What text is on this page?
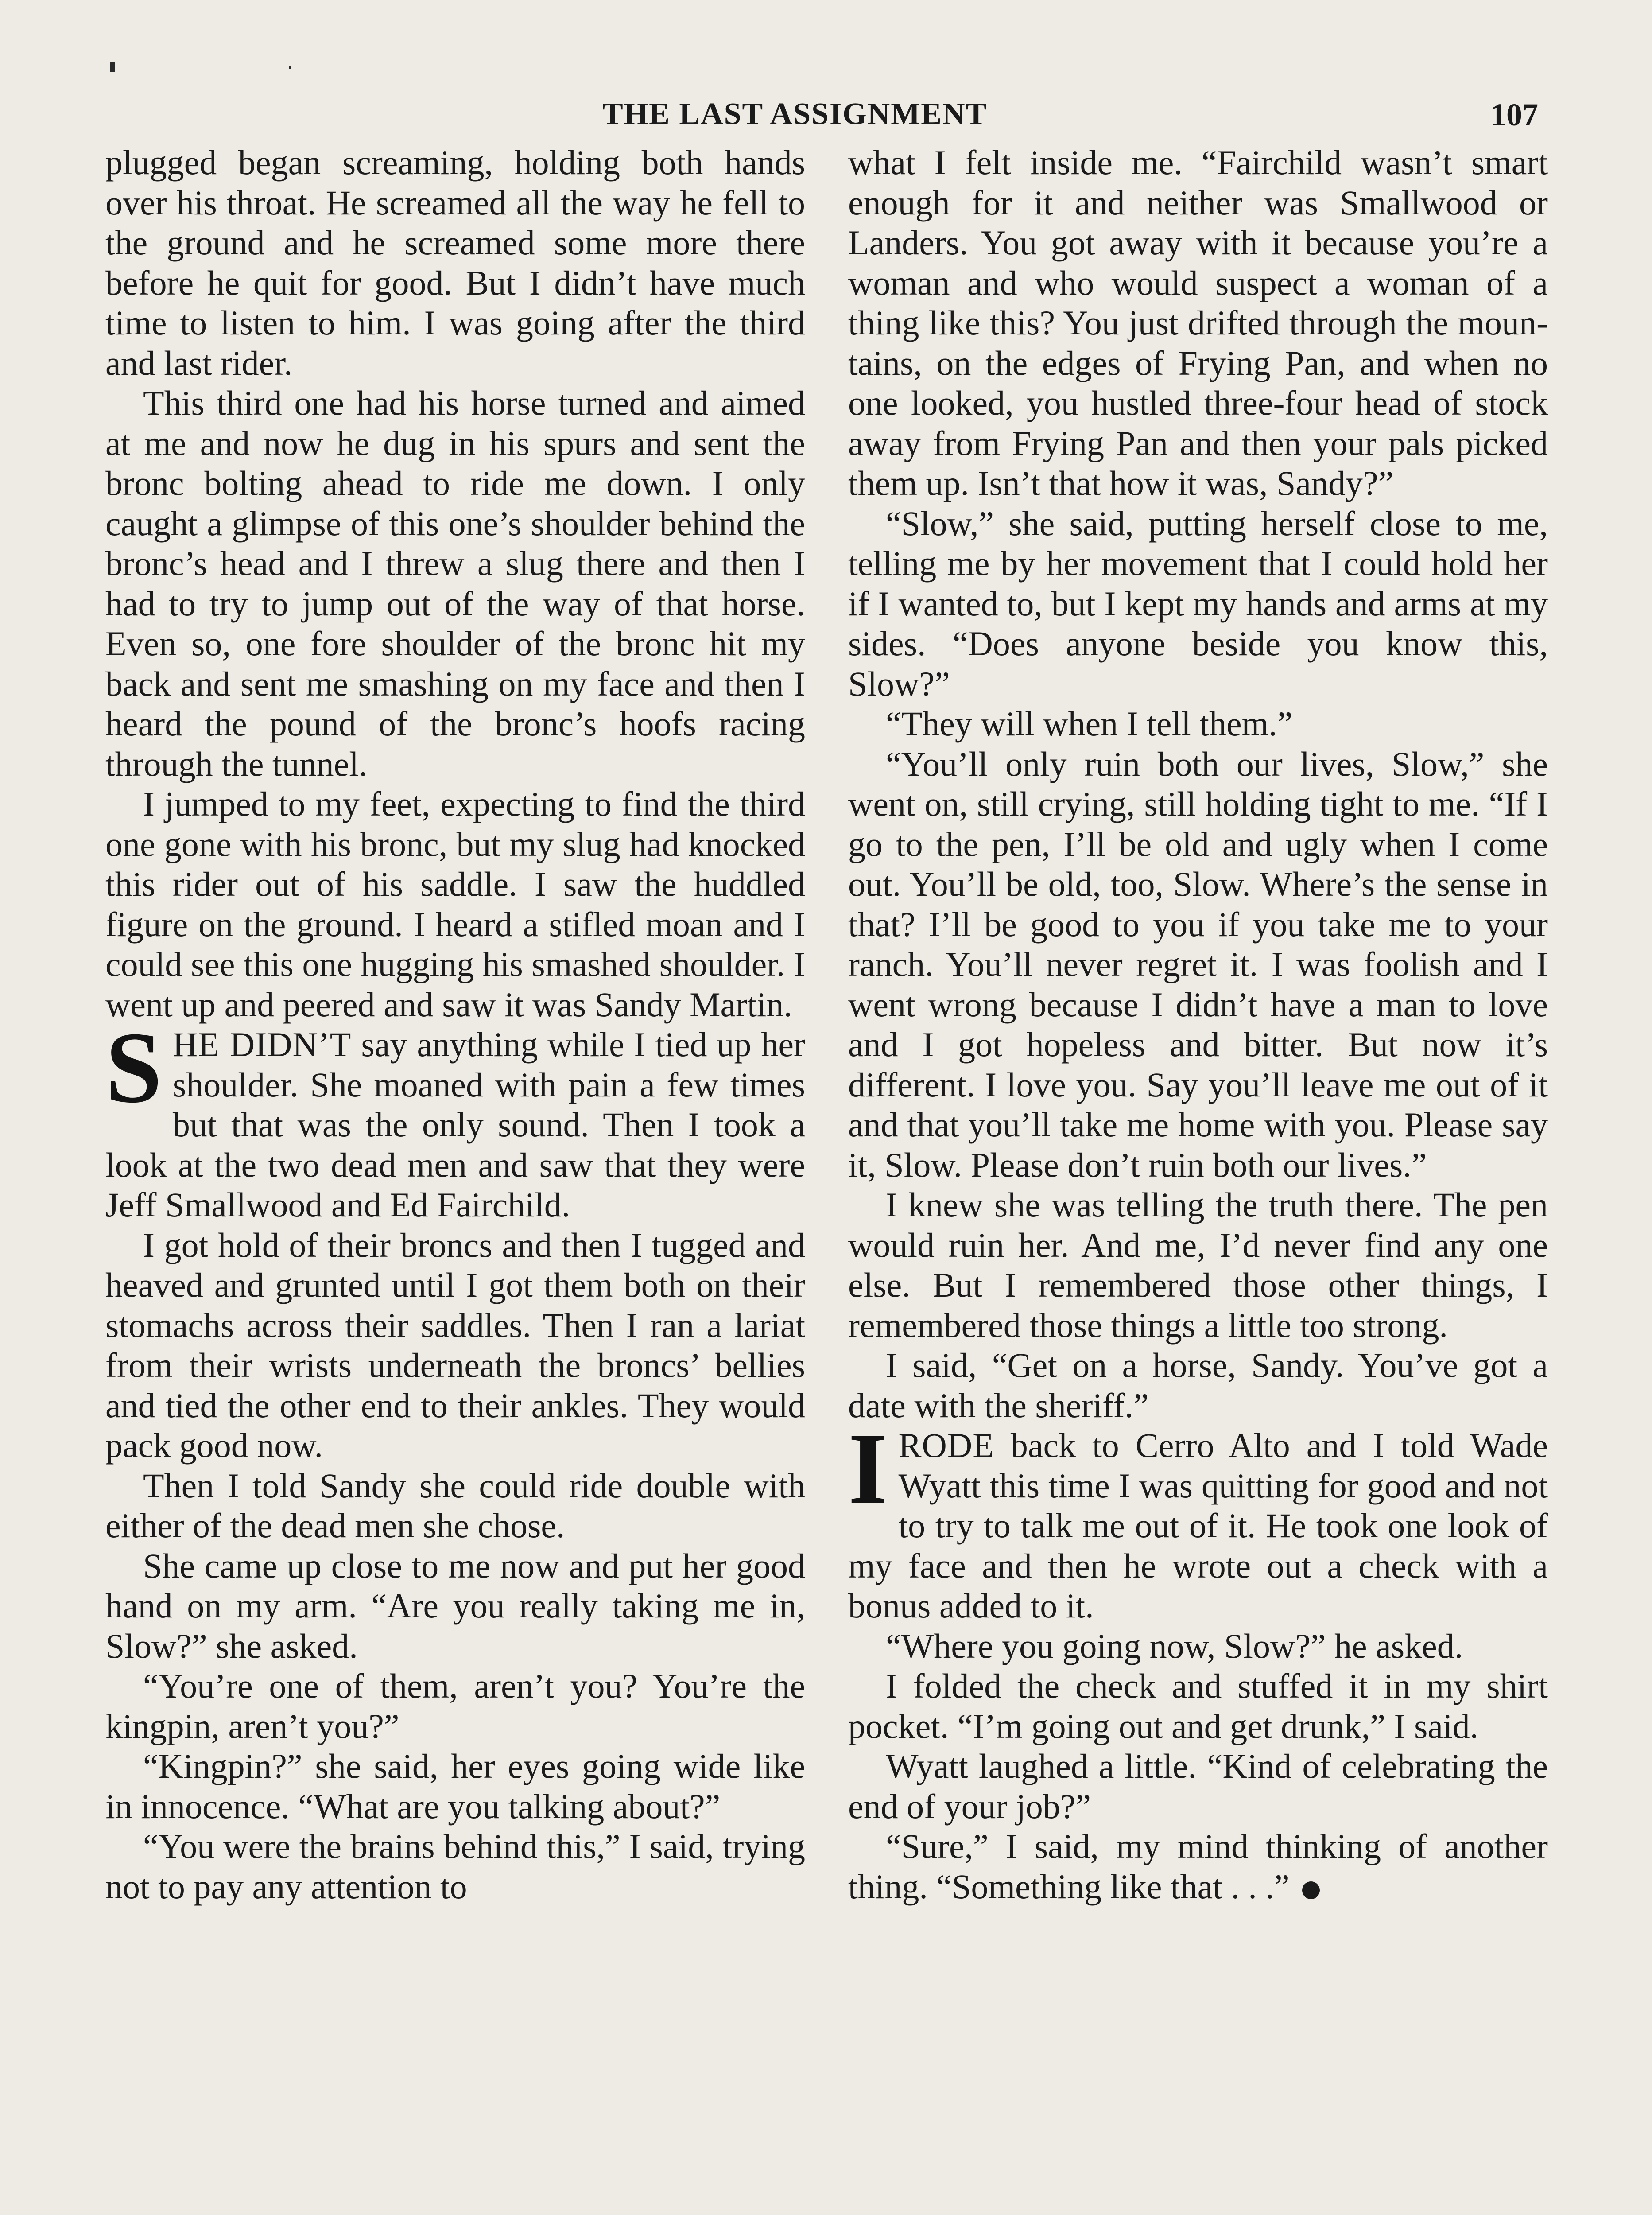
THE LAST ASSIGNMENT	107

plugged began screaming, holding both hands over his throat. He screamed all the way he fell to the ground and he screamed some more there before he quit for good. But I didn’t have much time to listen to him. I was going after the third and last rider.

This third one had his horse turned and aimed at me and now he dug in his spurs and sent the bronc bolting ahead to ride me down. I only caught a glimpse of this one’s shoulder behind the bronc’s head and I threw a slug there and then I had to try to jump out of the way of that horse. Even so, one fore shoulder of the bronc hit my back and sent me smashing on my face and then I heard the pound of the bronc’s hoofs racing through the tunnel.

I jumped to my feet, expecting to find the third one gone with his bronc, but my slug had knocked this rider out of his saddle. I saw the huddled figure on the ground. I heard a stifled moan and I could see this one hugging his smashed shoulder. I went up and peered and saw it was Sandy Martin.

SHE DIDN’T say anything while I tied up her shoulder. She moaned with pain a few times but that was the only sound. Then I took a look at the two dead men and saw that they were Jeff Smallwood and Ed Fairchild.

I got hold of their broncs and then I tugged and heaved and grunted until I got them both on their stomachs across their saddles. Then I ran a lariat from their wrists underneath the broncs’ bellies and tied the other end to their ankles. They would pack good now.

Then I told Sandy she could ride double with either of the dead men she chose.

She came up close to me now and put her good hand on my arm. “Are you really taking me in, Slow?” she asked.

“You’re one of them, aren’t you? You’re the kingpin, aren’t you?”

“Kingpin?” she said, her eyes going wide like in innocence. “What are you talking about?”

“You were the brains behind this,” I said, trying not to pay any attention to

what I felt inside me. “Fairchild wasn’t smart enough for it and neither was Smallwood or Landers. You got away with it because you’re a woman and who would suspect a woman of a thing like this? You just drifted through the mountains, on the edges of Frying Pan, and when no one looked, you hustled three-four head of stock away from Frying Pan and then your pals picked them up. Isn’t that how it was, Sandy?”

“Slow,” she said, putting herself close to me, telling me by her movement that I could hold her if I wanted to, but I kept my hands and arms at my sides. “Does anyone beside you know this, Slow?”

“They will when I tell them.”

“You’ll only ruin both our lives, Slow,” she went on, still crying, still holding tight to me. “If I go to the pen, I’ll be old and ugly when I come out. You’ll be old, too, Slow. Where’s the sense in that? I’ll be good to you if you take me to your ranch. You’ll never regret it. I was foolish and I went wrong because I didn’t have a man to love and I got hopeless and bitter. But now it’s different. I love you. Say you’ll leave me out of it and that you’ll take me home with you. Please say it, Slow. Please don’t ruin both our lives.”

I knew she was telling the truth there. The pen would ruin her. And me, I’d never find any one else. But I remembered those other things, I remembered those things a little too strong.

I said, “Get on a horse, Sandy. You’ve got a date with the sheriff.”

I RODE back to Cerro Alto and I told Wade Wyatt this time I was quitting for good and not to try to talk me out of it. He took one look of my face and then he wrote out a check with a bonus added to it.

“Where you going now, Slow?” he asked.

I folded the check and stuffed it in my shirt pocket. “I’m going out and get drunk,” I said.

Wyatt laughed a little. “Kind of celebrating the end of your job?”

“Sure,” I said, my mind thinking of another thing. “Something like that . . .”
